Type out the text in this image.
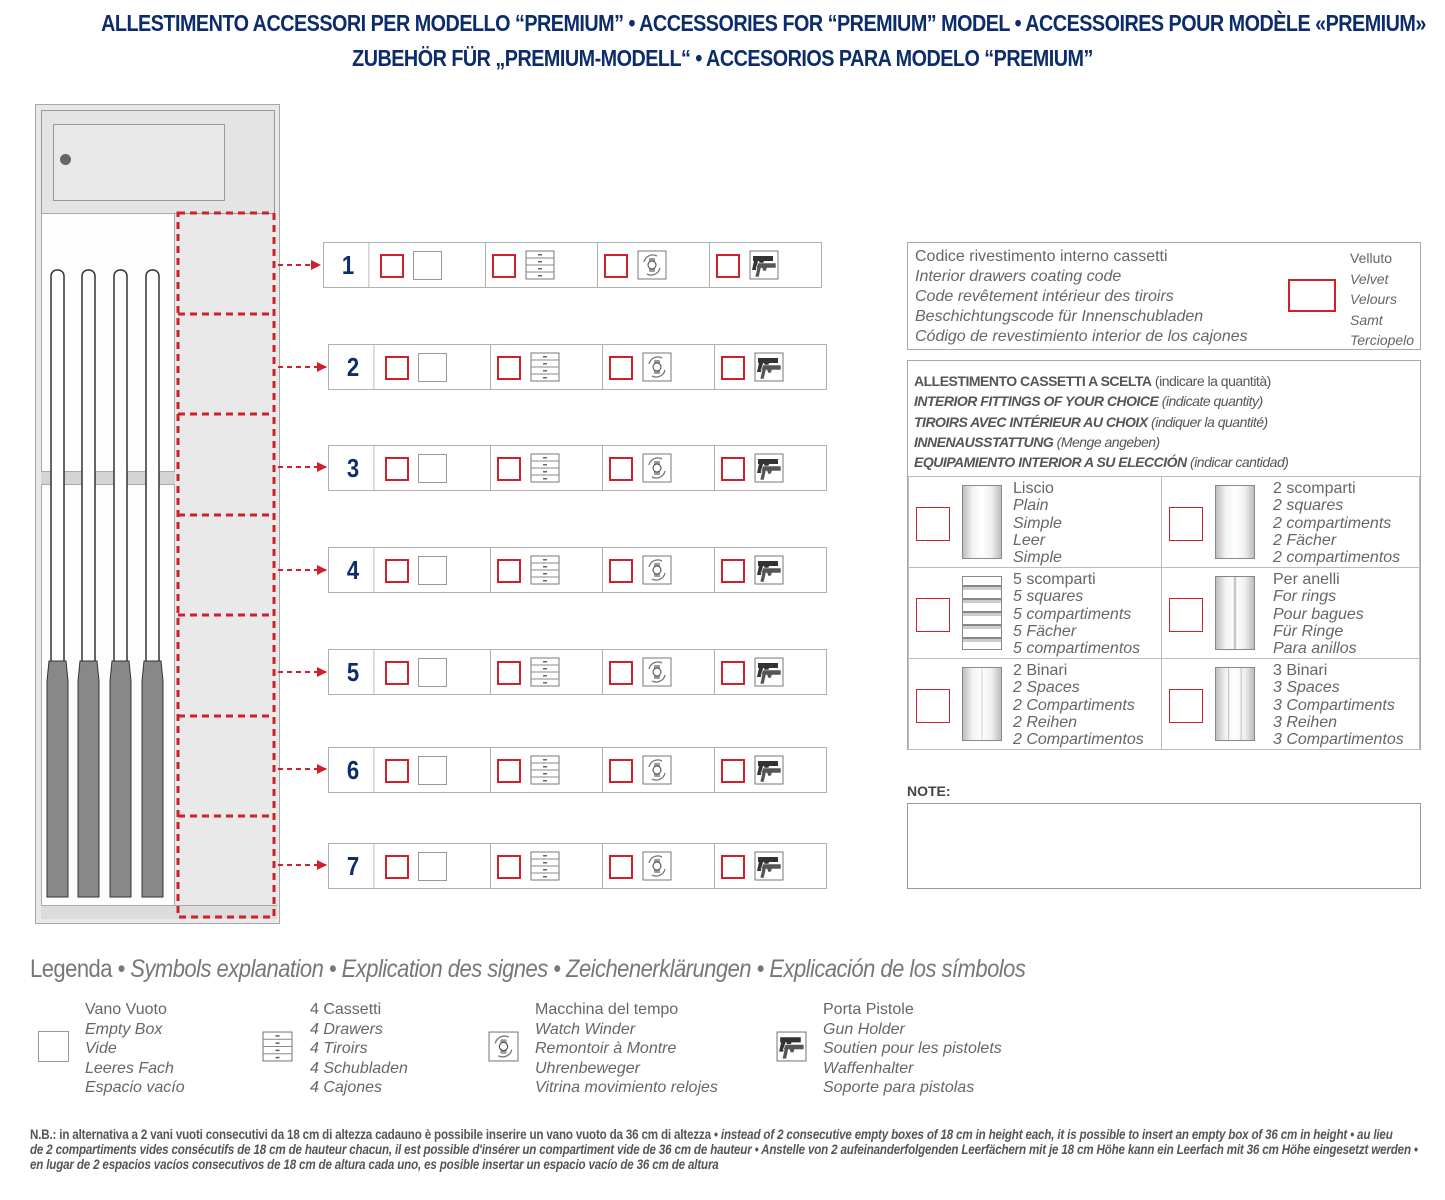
ALLESTIMENTO ACCESSORI PER MODELLO “PREMIUM” • ACCESSORIES FOR “PREMIUM” MODEL • ACCESSOIRES POUR MODÈLE «PREMIUM»
ZUBEHÖR FÜR „PREMIUM-MODELL“ • ACCESORIOS PARA MODELO “PREMIUM”
1
2
3
4
5
6
7
Codice rivestimento interno cassetti
Interior drawers coating code
Code revêtement intérieur des tiroirs
Beschichtungscode für Innenschubladen
Código de revestimiento interior de los cajones
Velluto
Velvet
Velours
Samt
Terciopelo
ALLESTIMENTO CASSETTI A SCELTA (indicare la quantità)
INTERIOR FITTINGS OF YOUR CHOICE (indicate quantity)
TIROIRS AVEC INTÉRIEUR AU CHOIX (indiquer la quantité)
INNENAUSSTATTUNG (Menge angeben)
EQUIPAMIENTO INTERIOR A SU ELECCIÓN (indicar cantidad)
Liscio
Plain
Simple
Leer
Simple
2 scomparti
2 squares
2 compartiments
2 Fächer
2 compartimentos
5 scomparti
5 squares
5 compartiments
5 Fächer
5 compartimentos
Per anelli
For rings
Pour bagues
Für Ringe
Para anillos
2 Binari
2 Spaces
2 Compartiments
2 Reihen
2 Compartimentos
3 Binari
3 Spaces
3 Compartiments
3 Reihen
3 Compartimentos
NOTE:
Legenda • Symbols explanation • Explication des signes • Zeichenerklärungen • Explicación de los símbolos
Vano Vuoto
Empty Box
Vide
Leeres Fach
Espacio vacío
4 Cassetti
4 Drawers
4 Tiroirs
4 Schubladen
4 Cajones
Macchina del tempo
Watch Winder
Remontoir à Montre
Uhrenbeweger
Vitrina movimiento relojes
Porta Pistole
Gun Holder
Soutien pour les pistolets
Waffenhalter
Soporte para pistolas
N.B.: in alternativa a 2 vani vuoti consecutivi da 18 cm di altezza cadauno è possibile inserire un vano vuoto da 36 cm di altezza • instead of 2 consecutive empty boxes of 18 cm in height each, it is possible to insert an empty box of 36 cm in height • au lieu
de 2 compartiments vides consécutifs de 18 cm de hauteur chacun, il est possible d'insérer un compartiment vide de 36 cm de hauteur • Anstelle von 2 aufeinanderfolgenden Leerfächern mit je 18 cm Höhe kann ein Leerfach mit 36 cm Höhe eingesetzt werden •
en lugar de 2 espacios vacíos consecutivos de 18 cm de altura cada uno, es posible insertar un espacio vacío de 36 cm de altura
